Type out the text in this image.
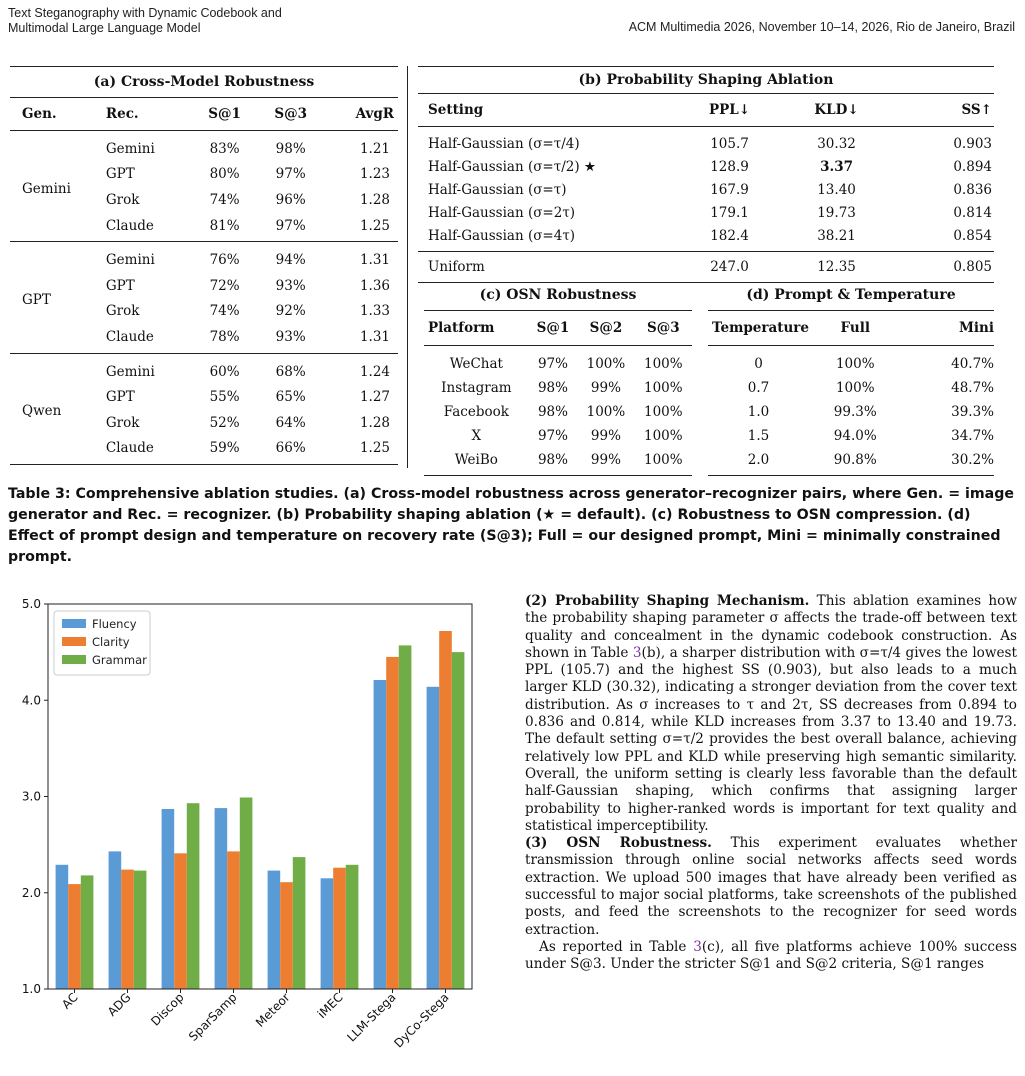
Text Steganography with Dynamic Codebook and
Multimodal Large Language Model	ACM Multimedia 2026, November 10–14, 2026, Rio de Janeiro, Brazil
(a) Cross-Model Robustness				
Gen.	Rec.	S@1	S@3	AvgR
Gemini	Gemini	83%	98%	1.21
	GPT	80%	97%	1.23
	Grok	74%	96%	1.28
	Claude	81%	97%	1.25
GPT	Gemini	76%	94%	1.31
	GPT	72%	93%	1.36
	Grok	74%	92%	1.33
	Claude	78%	93%	1.31
Qwen	Gemini	60%	68%	1.24
	GPT	55%	65%	1.27
	Grok	52%	64%	1.28
	Claude	59%	66%	1.25
(b) Probability Shaping Ablation			
Setting	PPL↓	KLD↓	SS↑
Half-Gaussian (σ=τ/4)	105.7	30.32	0.903
Half-Gaussian (σ=τ/2) ★	128.9	3.37	0.894
Half-Gaussian (σ=τ)	167.9	13.40	0.836
Half-Gaussian (σ=2τ)	179.1	19.73	0.814
Half-Gaussian (σ=4τ)	182.4	38.21	0.854
Uniform	247.0	12.35	0.805
(c) OSN Robustness			
Platform	S@1	S@2	S@3
WeChat	97%	100%	100%
Instagram	98%	99%	100%
Facebook	98%	100%	100%
X	97%	99%	100%
WeiBo	98%	99%	100%
(d) Prompt & Temperature		
Temperature	Full	Mini
0	100%	40.7%
0.7	100%	48.7%
1.0	99.3%	39.3%
1.5	94.0%	34.7%
2.0	90.8%	30.2%
Table 3: Comprehensive ablation studies. (a) Cross-model robustness across generator–recognizer pairs, where Gen. = image generator and Rec. = recognizer. (b) Probability shaping ablation (★ = default). (c) Robustness to OSN compression. (d) Effect of prompt design and temperature on recovery rate (S@3); Full = our designed prompt, Mini = minimally constrained prompt.
AC ADG Discop SparSamp Meteor iMEC
LLM-Stega
DyCo-Stega
1.0
2.0
3.0
4.0
5.0
Fluency
Clarity
Grammar

(2) Probability Shaping Mechanism. This ablation examines how the probability shaping parameter σ affects the trade-off between text quality and concealment in the dynamic codebook construction. As shown in Table 3(b), a sharper distribution with σ=τ/4 gives the lowest PPL (105.7) and the highest SS (0.903), but also leads to a much larger KLD (30.32), indicating a stronger deviation from the cover text distribution. As σ increases to τ and 2τ, SS decreases from 0.894 to 0.836 and 0.814, while KLD increases from 3.37 to 13.40 and 19.73. The default setting σ=τ/2 provides the best overall balance, achieving relatively low PPL and KLD while preserving high semantic similarity. Overall, the uniform setting is clearly less favorable than the default half-Gaussian shaping, which confirms that assigning larger probability to higher-ranked words is important for text quality and statistical imperceptibility.

(3) OSN Robustness. This experiment evaluates whether transmission through online social networks affects seed words extraction. We upload 500 images that have already been verified as successful to major social platforms, take screenshots of the published posts, and feed the screenshots to the recognizer for seed words extraction.

As reported in Table 3(c), all five platforms achieve 100% success under S@3. Under the stricter S@1 and S@2 criteria, S@1 ranges
